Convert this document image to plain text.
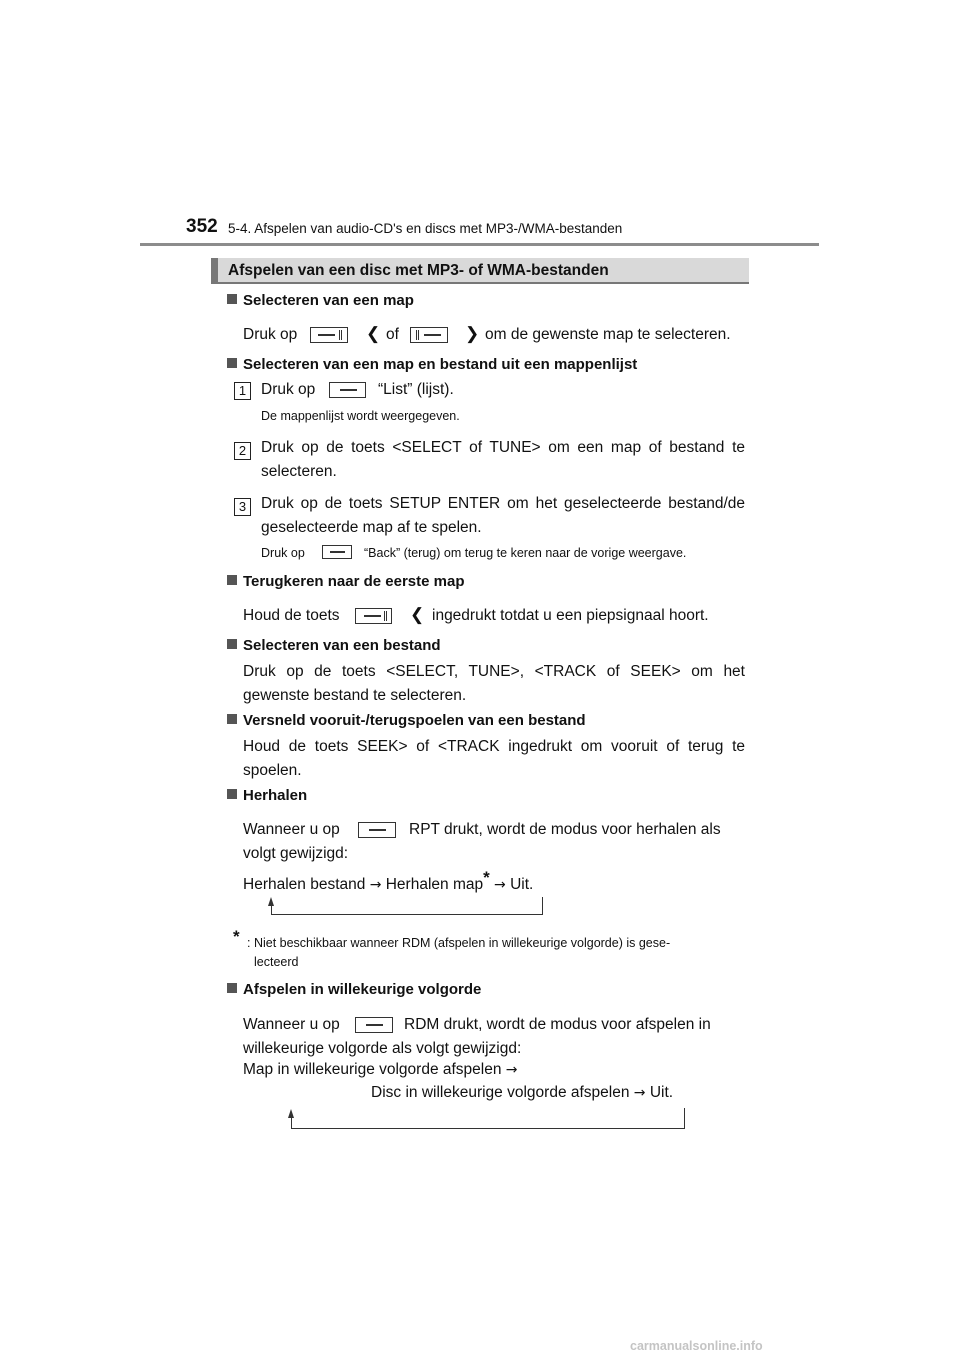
352 5-4. Afspelen van audio-CD's en discs met MP3-/WMA-bestanden
Afspelen van een disc met MP3- of WMA-bestanden
Selecteren van een map
Druk op	❮ of	❯ om de gewenste map te selecteren.
Selecteren van een map en bestand uit een mappenlijst
1 Druk op	“List” (lijst).
De mappenlijst wordt weergegeven.
2 Druk op de toets <SELECT of TUNE> om een map of bestand te selecteren.
3 Druk op de toets SETUP ENTER om het geselecteerde bestand/de geselecteerde map af te spelen.
Druk op	“Back” (terug) om terug te keren naar de vorige weergave.
Terugkeren naar de eerste map
Houd de toets	❮ ingedrukt totdat u een piepsignaal hoort.
Selecteren van een bestand
Druk op de toets <SELECT, TUNE>, <TRACK of SEEK> om het gewenste bestand te selecteren.
Versneld vooruit-/terugspoelen van een bestand
Houd de toets SEEK> of <TRACK ingedrukt om vooruit of terug te spoelen.
Herhalen
Wanneer u op	RPT drukt, wordt de modus voor herhalen als
volgt gewijzigd:
Herhalen bestand → Herhalen map* → Uit.
* : Niet beschikbaar wanneer RDM (afspelen in willekeurige volgorde) is gese-
lecteerd
Afspelen in willekeurige volgorde
Wanneer u op	RDM drukt, wordt de modus voor afspelen in
willekeurige volgorde als volgt gewijzigd:
Map in willekeurige volgorde afspelen →
Disc in willekeurige volgorde afspelen → Uit.
carmanualsonline.info
